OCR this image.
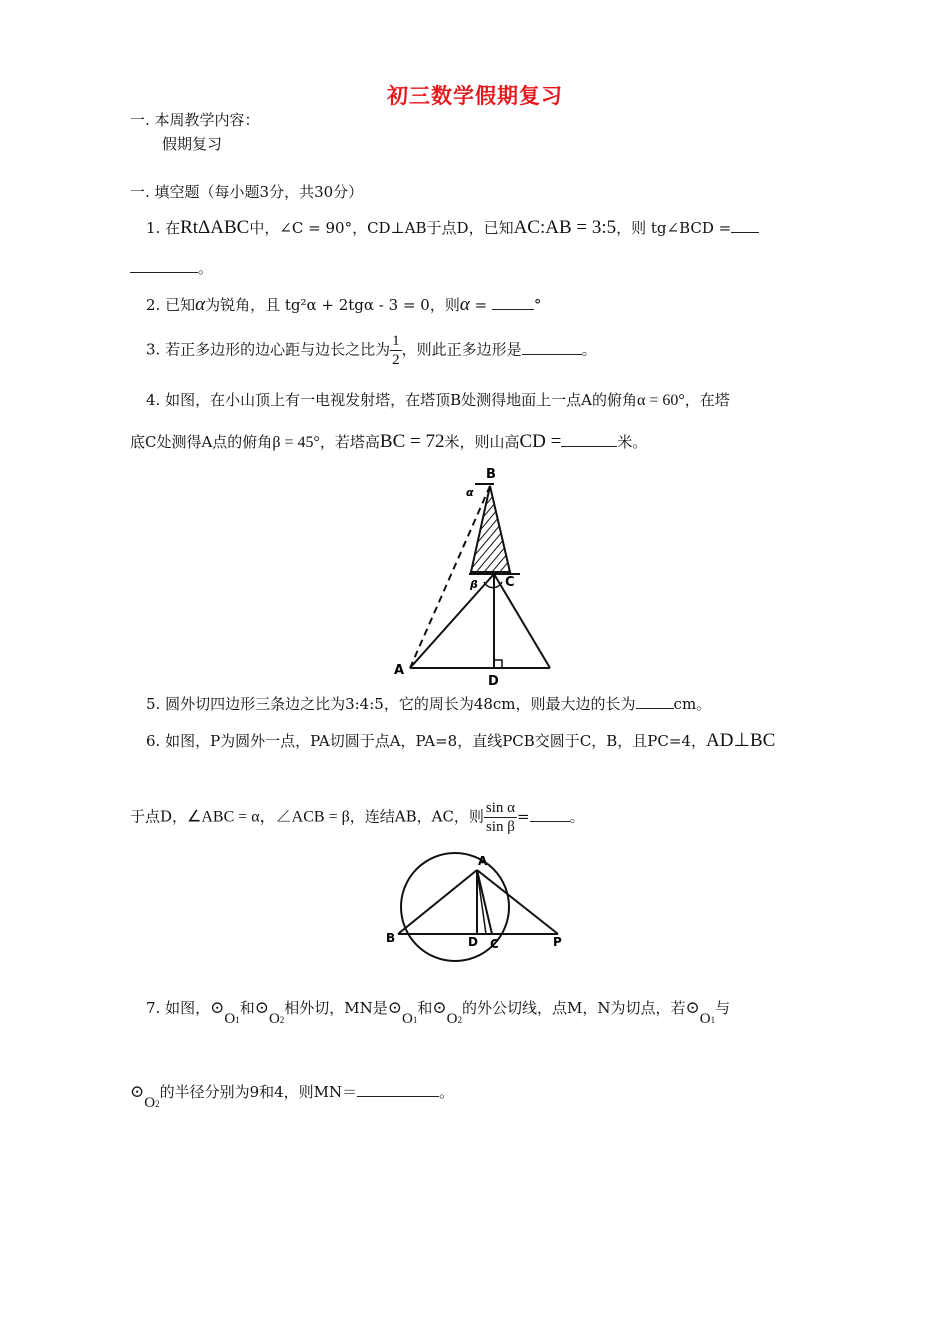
初三数学假期复习
一. 本周教学内容：
假期复习
一. 填空题（每小题3分，共30分）
1. 在RtΔABC中，∠C = 90°，CD⊥AB于点D，已知AC:AB = 3:5，则 tg∠BCD =
。
2. 已知α为锐角，且 tg²α + 2tgα - 3 = 0，则α =	°
3. 若正多边形的边心距与边长之比为 $\frac{1}{2}$ ，则此正多边形是	。
4. 如图，在小山顶上有一电视发射塔，在塔顶B处测得地面上一点A的俯角α = 60°，在塔
底C处测得A点的俯角β = 45°，若塔高BC = 72米，则山高CD =	米。
B
C
A
D
α
β
5. 圆外切四边形三条边之比为3:4:5，它的周长为48cm，则最大边的长为	cm。
6. 如图，P为圆外一点，PA切圆于点A，PA=8，直线PCB交圆于C，B，且PC=4，AD⊥BC
于点D，∠ABC = α，∠ACB = β，连结AB，AC，则 $\frac{\text{sin α}}{\text{sin β}}$ =	。
A
B	D C	P
7. 如图，⊙O1和⊙O2相外切，MN是⊙O1和⊙O2的外公切线，点M，N为切点，若⊙O1与
⊙O2的半径分别为9和4，则MN＝	。
